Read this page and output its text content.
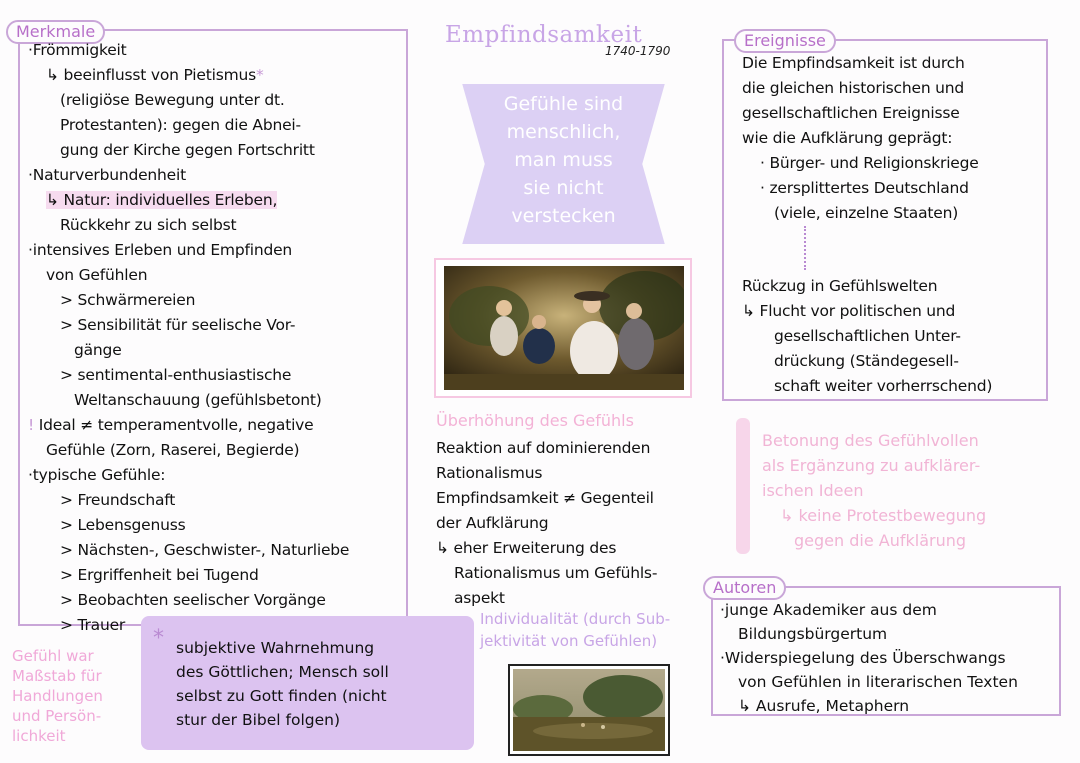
Merkmale
·Frömmigkeit
↳ beeinflusst von Pietismus*
(religiöse Bewegung unter dt.
Protestanten): gegen die Abnei-
gung der Kirche gegen Fortschritt
·Naturverbundenheit
↳ Natur: individuelles Erleben,
Rückkehr zu sich selbst
·intensives Erleben und Empfinden
von Gefühlen
> Schwärmereien
> Sensibilität für seelische Vor-
gänge
> sentimental-enthusiastische
Weltanschauung (gefühlsbetont)
! Ideal ≠ temperamentvolle, negative
Gefühle (Zorn, Raserei, Begierde)
·typische Gefühle:
> Freundschaft
> Lebensgenuss
> Nächsten-, Geschwister-, Naturliebe
> Ergriffenheit bei Tugend
> Beobachten seelischer Vorgänge
> Trauer
Gefühl war
Maßstab für
Handlungen
und Persön-
lichkeit
* subjektive Wahrnehmung
des Göttlichen; Mensch soll
selbst zu Gott finden (nicht
stur der Bibel folgen)
Empfindsamkeit
1740-1790
Gefühle sind
menschlich,
man muss
sie nicht
verstecken
Überhöhung des Gefühls
Reaktion auf dominierenden
Rationalismus
Empfindsamkeit ≠ Gegenteil
der Aufklärung
↳ eher Erweiterung des
Rationalismus um Gefühls-
aspekt
Individualität (durch Sub-
jektivität von Gefühlen)
Ereignisse
Die Empfindsamkeit ist durch
die gleichen historischen und
gesellschaftlichen Ereignisse
wie die Aufklärung geprägt:
· Bürger- und Religionskriege
· zersplittertes Deutschland
(viele, einzelne Staaten)
Rückzug in Gefühlswelten
↳ Flucht vor politischen und
gesellschaftlichen Unter-
drückung (Ständegesell-
schaft weiter vorherrschend)
Betonung des Gefühlvollen
als Ergänzung zu aufklärer-
ischen Ideen
↳ keine Protestbewegung
gegen die Aufklärung
Autoren
·junge Akademiker aus dem
Bildungsbürgertum
·Widerspiegelung des Überschwangs
von Gefühlen in literarischen Texten
↳ Ausrufe, Metaphern
